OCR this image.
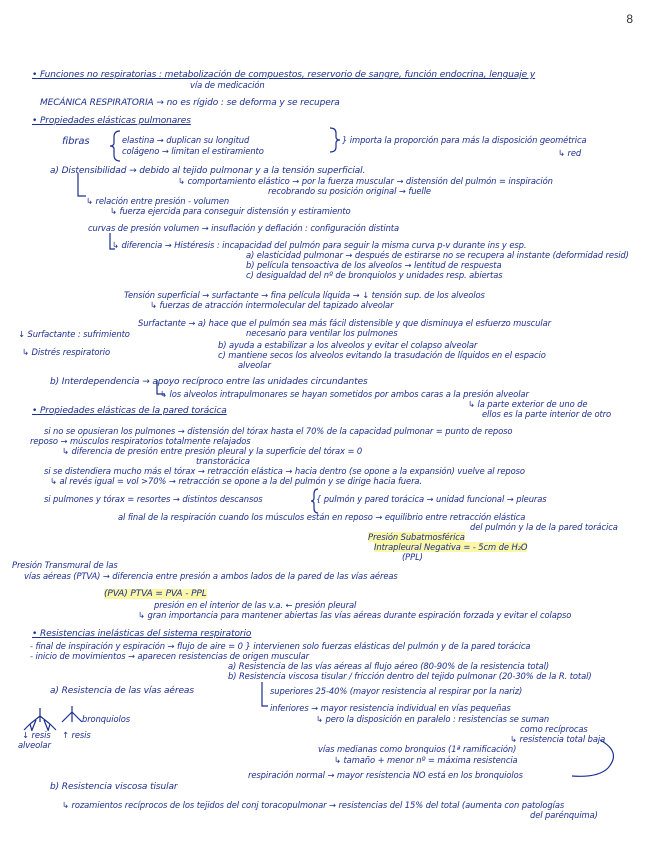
8
• Funciones no respiratorias : metabolización de compuestos, reservorio de sangre, función endocrina, lenguaje y
vía de medicación
MECÁNICA RESPIRATORIA → no es rígido : se deforma y se recupera
• Propiedades elásticas pulmonares
fibras	elastina → duplican su longitud
colágeno → limitan el estiramiento
} importa la proporción para más la disposición geométrica
↳ red
a) Distensibilidad → debido al tejido pulmonar y a la tensión superficial.
↳ comportamiento elástico → por la fuerza muscular → distensión del pulmón = inspiración
recobrando su posición original → fuelle
↳ relación entre presión - volumen
↳ fuerza ejercida para conseguir distensión y estiramiento
curvas de presión volumen → insuflación y deflación : configuración distinta
↳ diferencia → Histéresis : incapacidad del pulmón para seguir la misma curva p-v durante ins y esp.
a) elasticidad pulmonar → después de estirarse no se recupera al instante (deformidad resid)
b) película tensoactiva de los alveolos → lentitud de respuesta
c) desigualdad del nº de bronquiolos y unidades resp. abiertas
Tensión superficial → surfactante → fina película líquida → ↓ tensión sup. de los alveolos
↳ fuerzas de atracción intermolecular del tapizado alveolar
Surfactante → a) hace que el pulmón sea más fácil distensible y que disminuya el esfuerzo muscular
necesario para ventilar los pulmones
↓ Surfactante : sufrimiento
↳ Distrés respiratorio
b) ayuda a estabilizar a los alveolos y evitar el colapso alveolar
c) mantiene secos los alveolos evitando la trasudación de líquidos en el espacio
alveolar
b) Interdependencia → apoyo recíproco entre las unidades circundantes
↳ los alveolos intrapulmonares se hayan sometidos por ambos caras a la presión alveolar
↳ la parte exterior de uno de
ellos es la parte interior de otro
• Propiedades elásticas de la pared torácica
si no se opusieran los pulmones → distensión del tórax hasta el 70% de la capacidad pulmonar = punto de reposo
reposo → músculos respiratorios totalmente relajados
↳ diferencia de presión entre presión pleural y la superficie del tórax = 0
transtorácica
si se distendiera mucho más el tórax → retracción elástica → hacia dentro (se opone a la expansión) vuelve al reposo
↳ al revés igual = vol >70% → retracción se opone a la del pulmón y se dirige hacia fuera.
si pulmones y tórax = resortes → distintos descansos	{ pulmón y pared torácica → unidad funcional → pleuras
al final de la respiración cuando los músculos están en reposo → equilibrio entre retracción elástica
del pulmón y la de la pared torácica
Presión Subatmosférica
Intrapleural Negativa = - 5cm de H₂O
(PPL)
Presión Transmural de las
vías aéreas (PTVA) → diferencia entre presión a ambos lados de la pared de las vías aéreas
(PVA) PTVA = PVA - PPL
presión en el interior de las v.a. ← presión pleural
↳ gran importancia para mantener abiertas las vías aéreas durante espiración forzada y evitar el colapso
• Resistencias inelásticas del sistema respiratorio
- final de inspiración y espiración → flujo de aire = 0 } intervienen solo fuerzas elásticas del pulmón y de la pared torácica
- inicio de movimientos → aparecen resistencias de origen muscular
a) Resistencia de las vías aéreas al flujo aéreo (80-90% de la resistencia total)
b) Resistencia viscosa tisular / fricción dentro del tejido pulmonar (20-30% de la R. total)
a) Resistencia de las vías aéreas	superiores 25-40% (mayor resistencia al respirar por la nariz)
inferiores → mayor resistencia individual en vías pequeñas
↳ pero la disposición en paralelo : resistencias se suman
como recíprocas
↳ resistencia total baja
vías medianas como bronquios (1ª ramificación)
↳ tamaño + menor nº = máxima resistencia
respiración normal → mayor resistencia NO está en los bronquiolos
b) Resistencia viscosa tisular
↳ rozamientos recíprocos de los tejidos del conj toracopulmonar → resistencias del 15% del total (aumenta con patologías
del parénquima)
bronquiolos
↓ resis
alveolar
↑ resis
